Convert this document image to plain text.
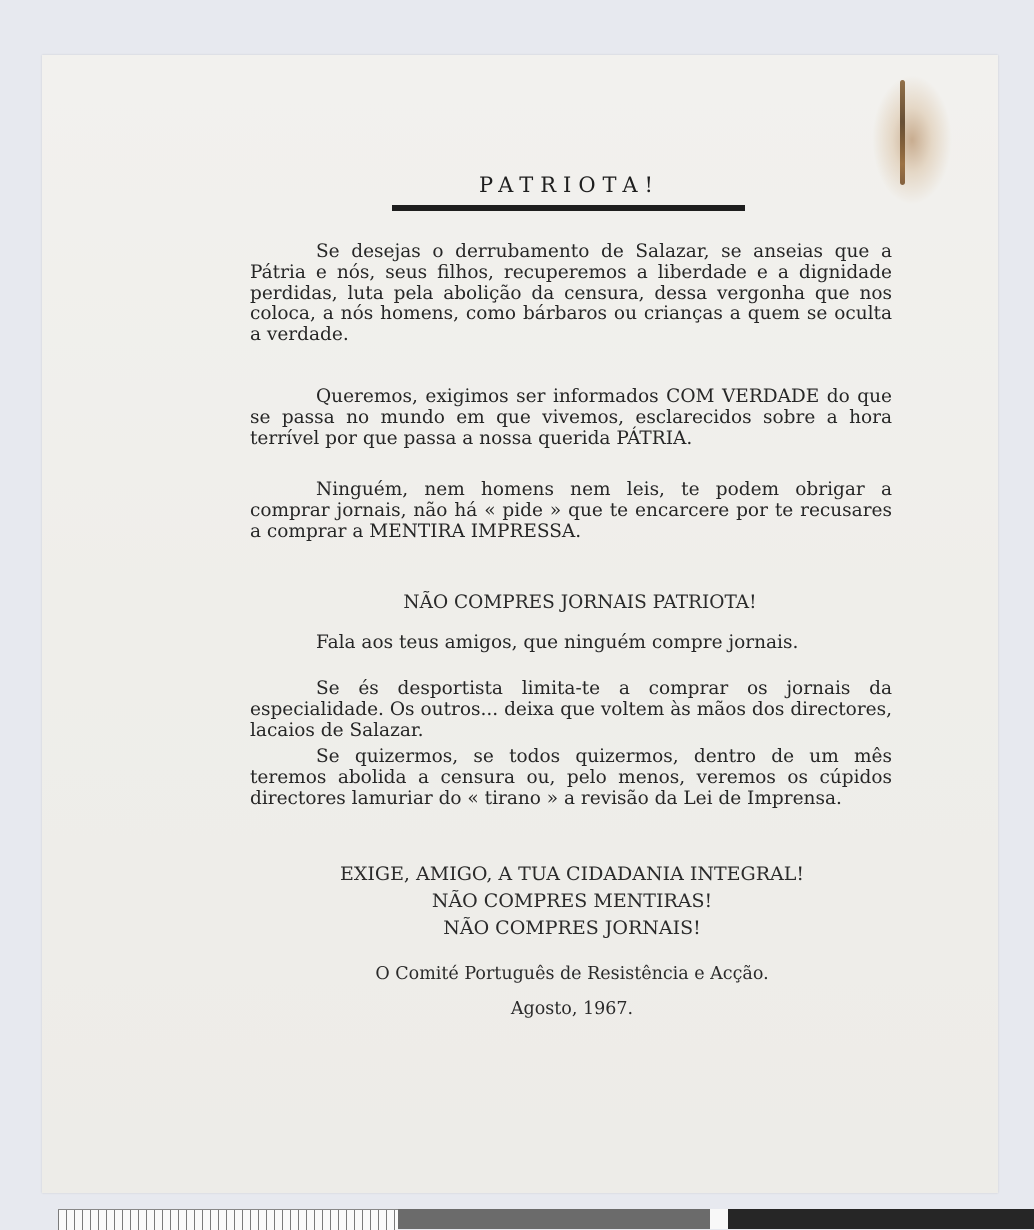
PATRIOTA!

Se desejas o derrubamento de Salazar, se anseias que a Pátria e nós, seus filhos, recuperemos a liberdade e a dignidade perdidas, luta pela abolição da censura, dessa vergonha que nos coloca, a nós homens, como bárbaros ou crianças a quem se oculta a verdade.

Queremos, exigimos ser informados COM VERDADE do que se passa no mundo em que vivemos, esclarecidos sobre a hora terrível por que passa a nossa querida PÁTRIA.

Ninguém, nem homens nem leis, te podem obrigar a comprar jornais, não há « pide » que te encarcere por te recusares a comprar a MENTIRA IMPRESSA.

NÃO COMPRES JORNAIS PATRIOTA!

Fala aos teus amigos, que ninguém compre jornais.

Se és desportista limita-te a comprar os jornais da especialidade. Os outros... deixa que voltem às mãos dos directores, lacaios de Salazar.

Se quizermos, se todos quizermos, dentro de um mês teremos abolida a censura ou, pelo menos, veremos os cúpidos directores lamuriar do « tirano » a revisão da Lei de Imprensa.

EXIGE, AMIGO, A TUA CIDADANIA INTEGRAL!
NÃO COMPRES MENTIRAS!
NÃO COMPRES JORNAIS!

O Comité Português de Resistência e Acção.

Agosto, 1967.
